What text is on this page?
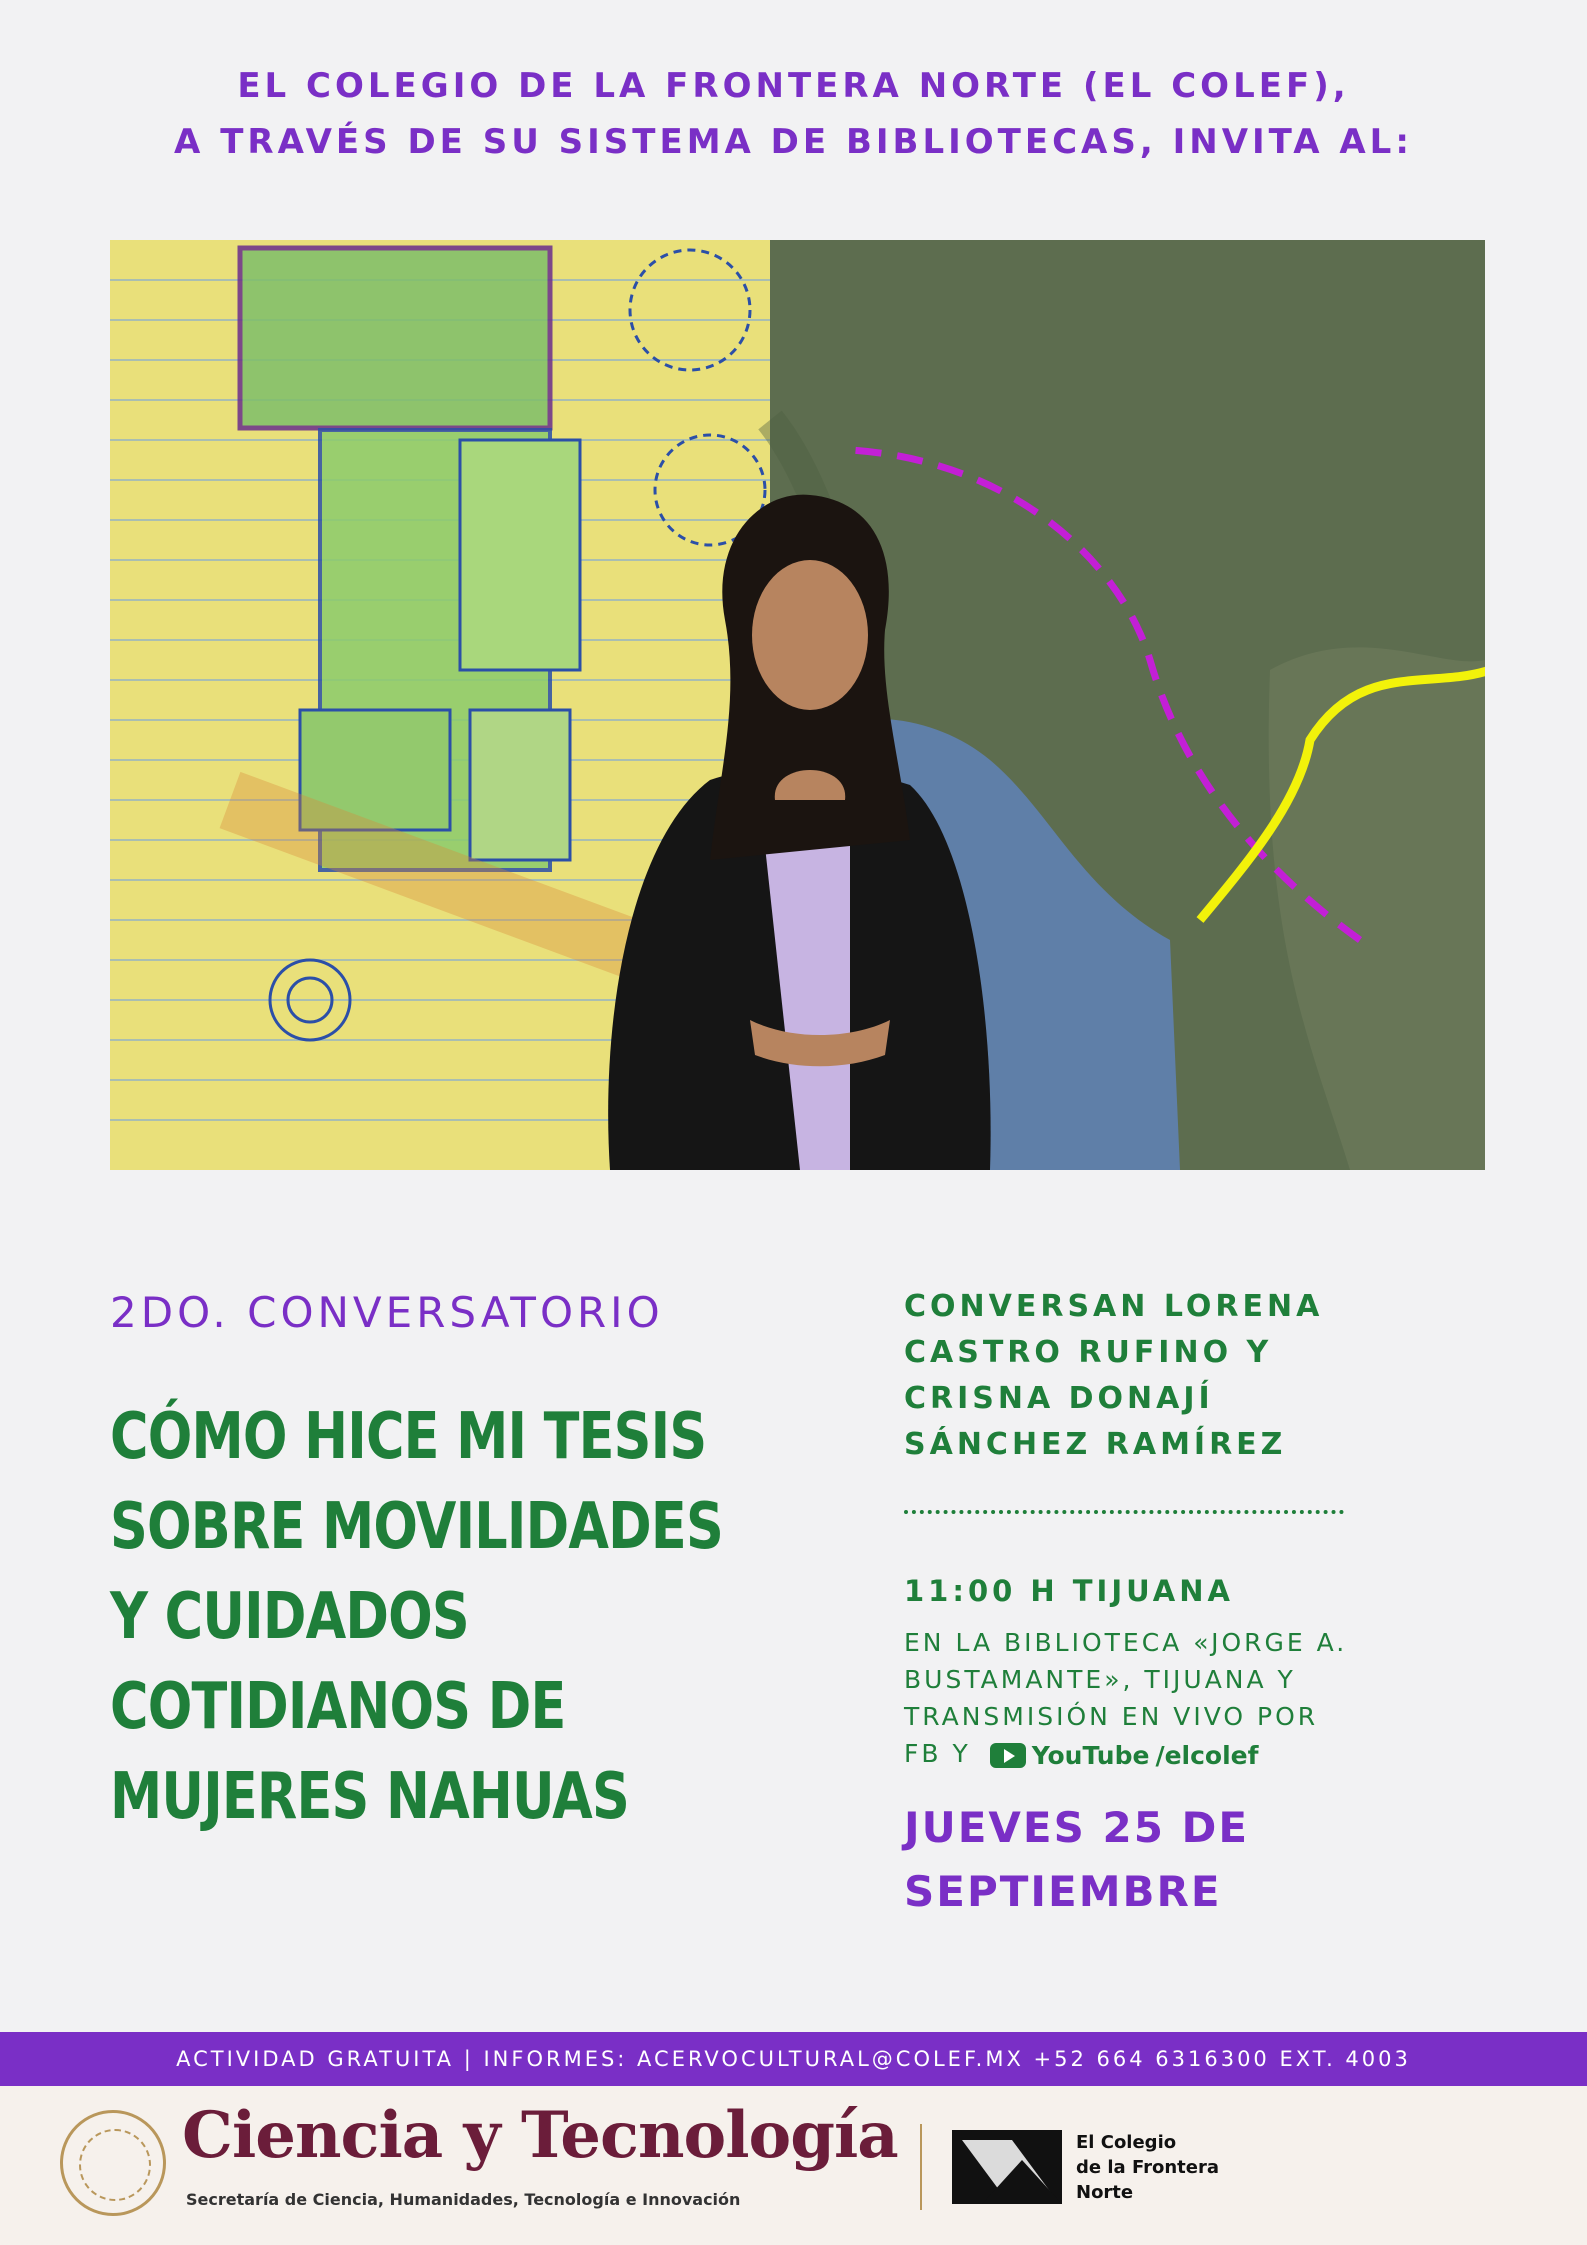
EL COLEGIO DE LA FRONTERA NORTE (EL COLEF),
A TRAVÉS DE SU SISTEMA DE BIBLIOTECAS, INVITA AL:
2DO. CONVERSATORIO
CÓMO HICE MI TESIS
SOBRE MOVILIDADES
Y CUIDADOS
COTIDIANOS DE
MUJERES NAHUAS
CONVERSAN LORENA
CASTRO RUFINO Y
CRISNA DONAJÍ
SÁNCHEZ RAMÍREZ
11:00 H TIJUANA
EN LA BIBLIOTECA «JORGE A.
BUSTAMANTE», TIJUANA Y
TRANSMISIÓN EN VIVO POR
FB Y YouTube /elcolef
JUEVES 25 DE
SEPTIEMBRE
ACTIVIDAD GRATUITA | INFORMES: ACERVOCULTURAL@COLEF.MX +52 664 6316300 EXT. 4003
Ciencia y Tecnología
Secretaría de Ciencia, Humanidades, Tecnología e Innovación
El Colegio
de la Frontera
Norte
